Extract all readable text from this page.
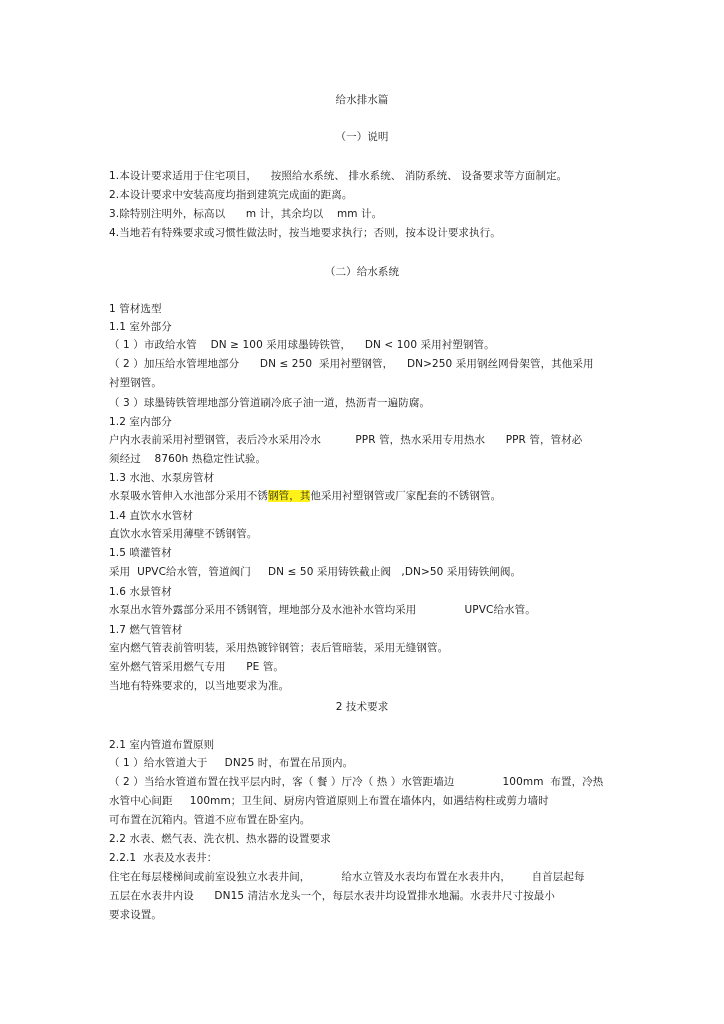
给水排水篇
（一）说明
1.本设计要求适用于住宅项目，    按照给水系统、 排水系统、 消防系统、 设备要求等方面制定。
2.本设计要求中安装高度均指到建筑完成面的距离。
3.除特别注明外，标高以      m 计，其余均以    mm 计。
4.当地若有特殊要求或习惯性做法时，按当地要求执行；否则，按本设计要求执行。
（二）给水系统
1 管材选型
1.1 室外部分
（ 1 ）市政给水管    DN ≥ 100 采用球墨铸铁管，    DN < 100 采用衬塑钢管。
（ 2 ）加压给水管埋地部分      DN ≤ 250  采用衬塑钢管，    DN>250 采用钢丝网骨架管，其他采用
衬塑钢管。
（ 3 ）球墨铸铁管埋地部分管道刷冷底子油一道，热沥青一遍防腐。
1.2 室内部分
户内水表前采用衬塑钢管，表后冷水采用冷水          PPR 管，热水采用专用热水      PPR 管，管材必
须经过    8760h 热稳定性试验。
1.3 水池、水泵房管材
水泵吸水管伸入水池部分采用不锈钢管，其他采用衬塑钢管或厂家配套的不锈钢管。
1.4 直饮水水管材
直饮水水管采用薄壁不锈钢管。
1.5 喷灌管材
采用  UPVC给水管，管道阀门     DN ≤ 50 采用铸铁截止阀   ,DN>50 采用铸铁闸阀。
1.6 水景管材
水泵出水管外露部分采用不锈钢管，埋地部分及水池补水管均采用              UPVC给水管。
1.7 燃气管管材
室内燃气管表前管明装，采用热镀锌钢管；表后管暗装，采用无缝钢管。
室外燃气管采用燃气专用      PE 管。
当地有特殊要求的，以当地要求为准。
2 技术要求
2.1 室内管道布置原则
（ 1 ）给水管道大于     DN25 时，布置在吊顶内。
（ 2 ）当给水管道布置在找平层内时，客（ 餐 ）厅冷（ 热 ）水管距墙边              100mm  布置，冷热
水管中心间距     100mm；卫生间、厨房内管道原则上布置在墙体内，如遇结构柱或剪力墙时
可布置在沉箱内。管道不应布置在卧室内。
2.2 水表、燃气表、洗衣机、热水器的设置要求
2.2.1  水表及水表井：
住宅在每层楼梯间或前室设独立水表井间，         给水立管及水表均布置在水表井内，      自首层起每
五层在水表井内设      DN15 清洁水龙头一个，每层水表井均设置排水地漏。水表井尺寸按最小
要求设置。
